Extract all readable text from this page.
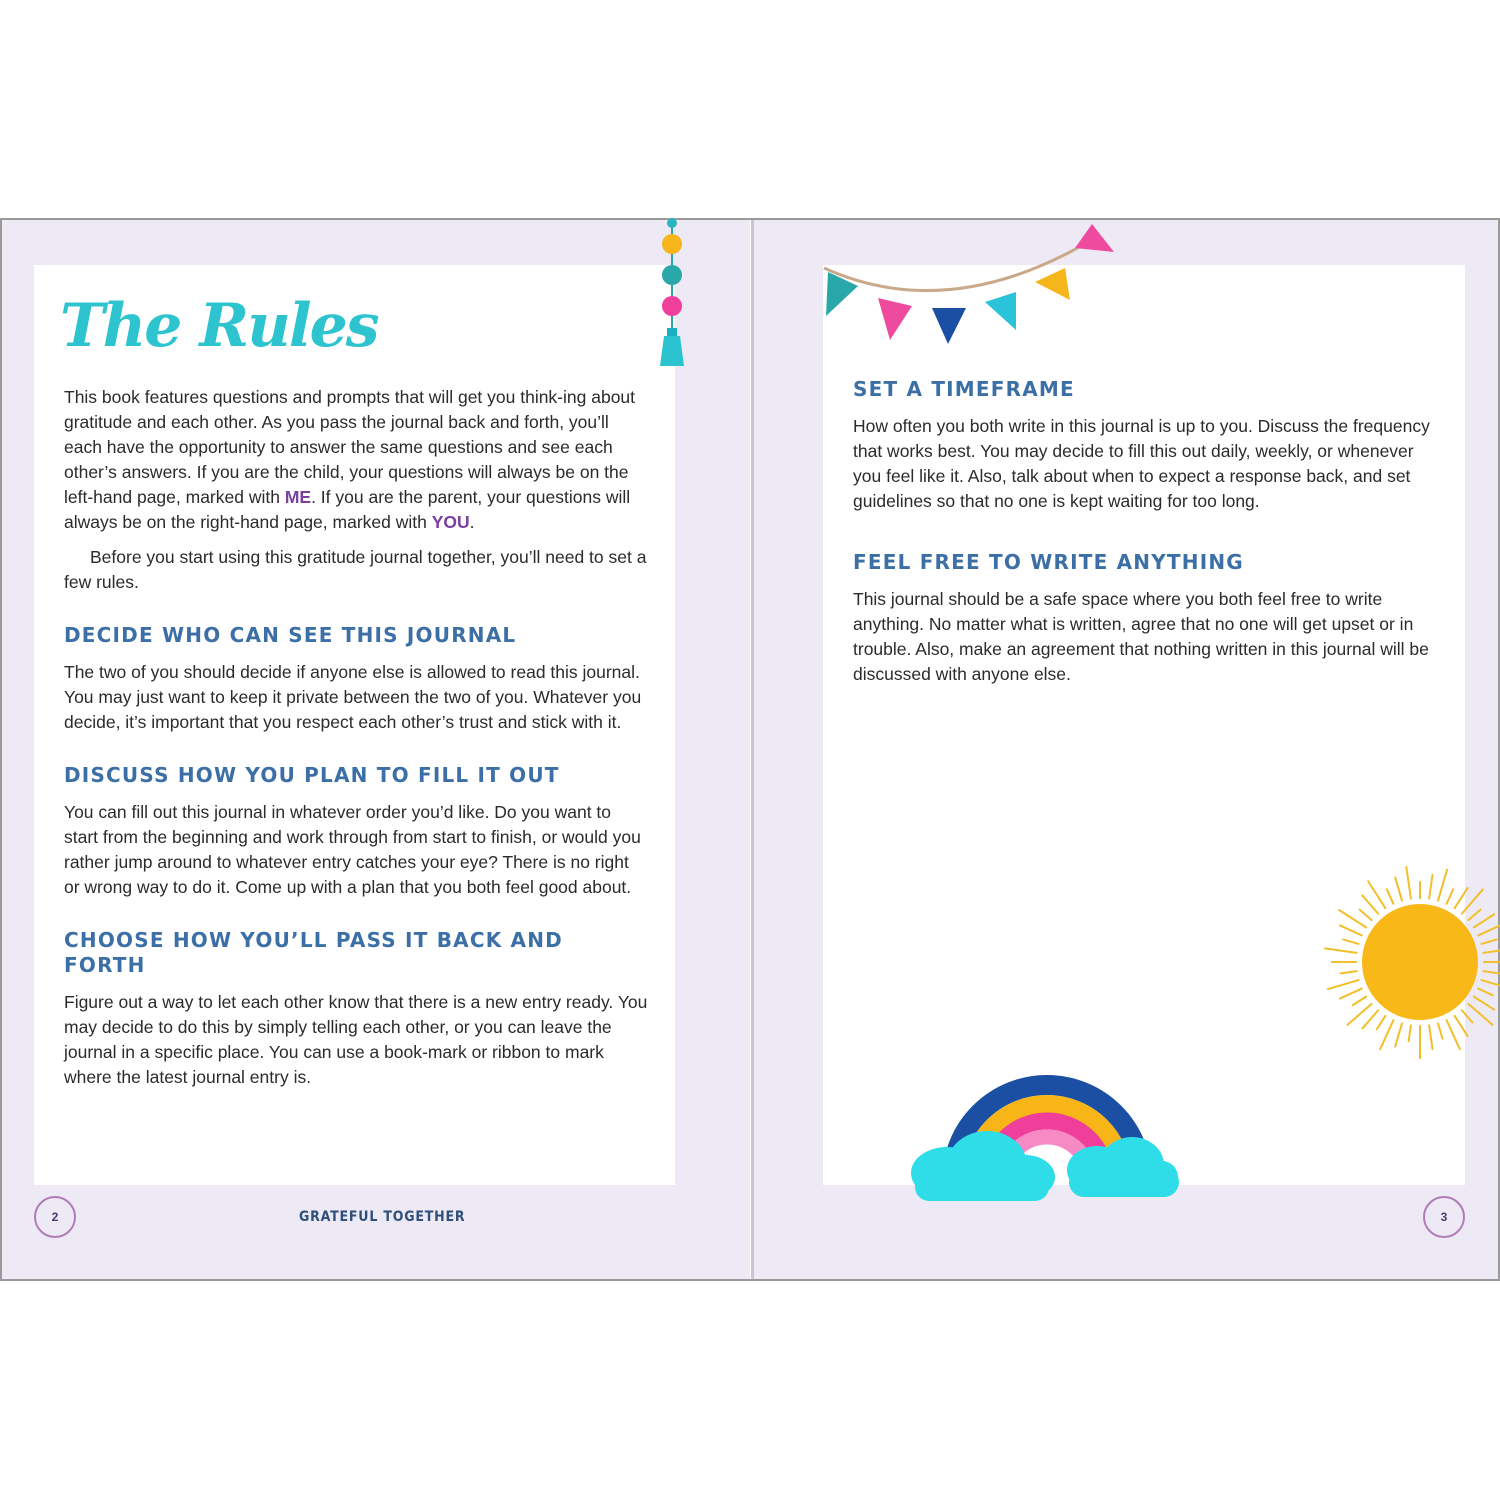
The Rules

This book features questions and prompts that will get you think-ing about gratitude and each other. As you pass the journal back and forth, you’ll each have the opportunity to answer the same questions and see each other’s answers. If you are the child, your questions will always be on the left-hand page, marked with ME. If you are the parent, your questions will always be on the right-hand page, marked with YOU.

Before you start using this gratitude journal together, you’ll need to set a few rules.

DECIDE WHO CAN SEE THIS JOURNAL

The two of you should decide if anyone else is allowed to read this journal. You may just want to keep it private between the two of you. Whatever you decide, it’s important that you respect each other’s trust and stick with it.

DISCUSS HOW YOU PLAN TO FILL IT OUT

You can fill out this journal in whatever order you’d like. Do you want to start from the beginning and work through from start to finish, or would you rather jump around to whatever entry catches your eye? There is no right or wrong way to do it. Come up with a plan that you both feel good about.

CHOOSE HOW YOU’LL PASS IT BACK AND FORTH

Figure out a way to let each other know that there is a new entry ready. You may decide to do this by simply telling each other, or you can leave the journal in a specific place. You can use a book-mark or ribbon to mark where the latest journal entry is.

SET A TIMEFRAME

How often you both write in this journal is up to you. Discuss the frequency that works best. You may decide to fill this out daily, weekly, or whenever you feel like it. Also, talk about when to expect a response back, and set guidelines so that no one is kept waiting for too long.

FEEL FREE TO WRITE ANYTHING

This journal should be a safe space where you both feel free to write anything. No matter what is written, agree that no one will get upset or in trouble. Also, make an agreement that nothing written in this journal will be discussed with anyone else.

2	GRATEFUL TOGETHER	3
